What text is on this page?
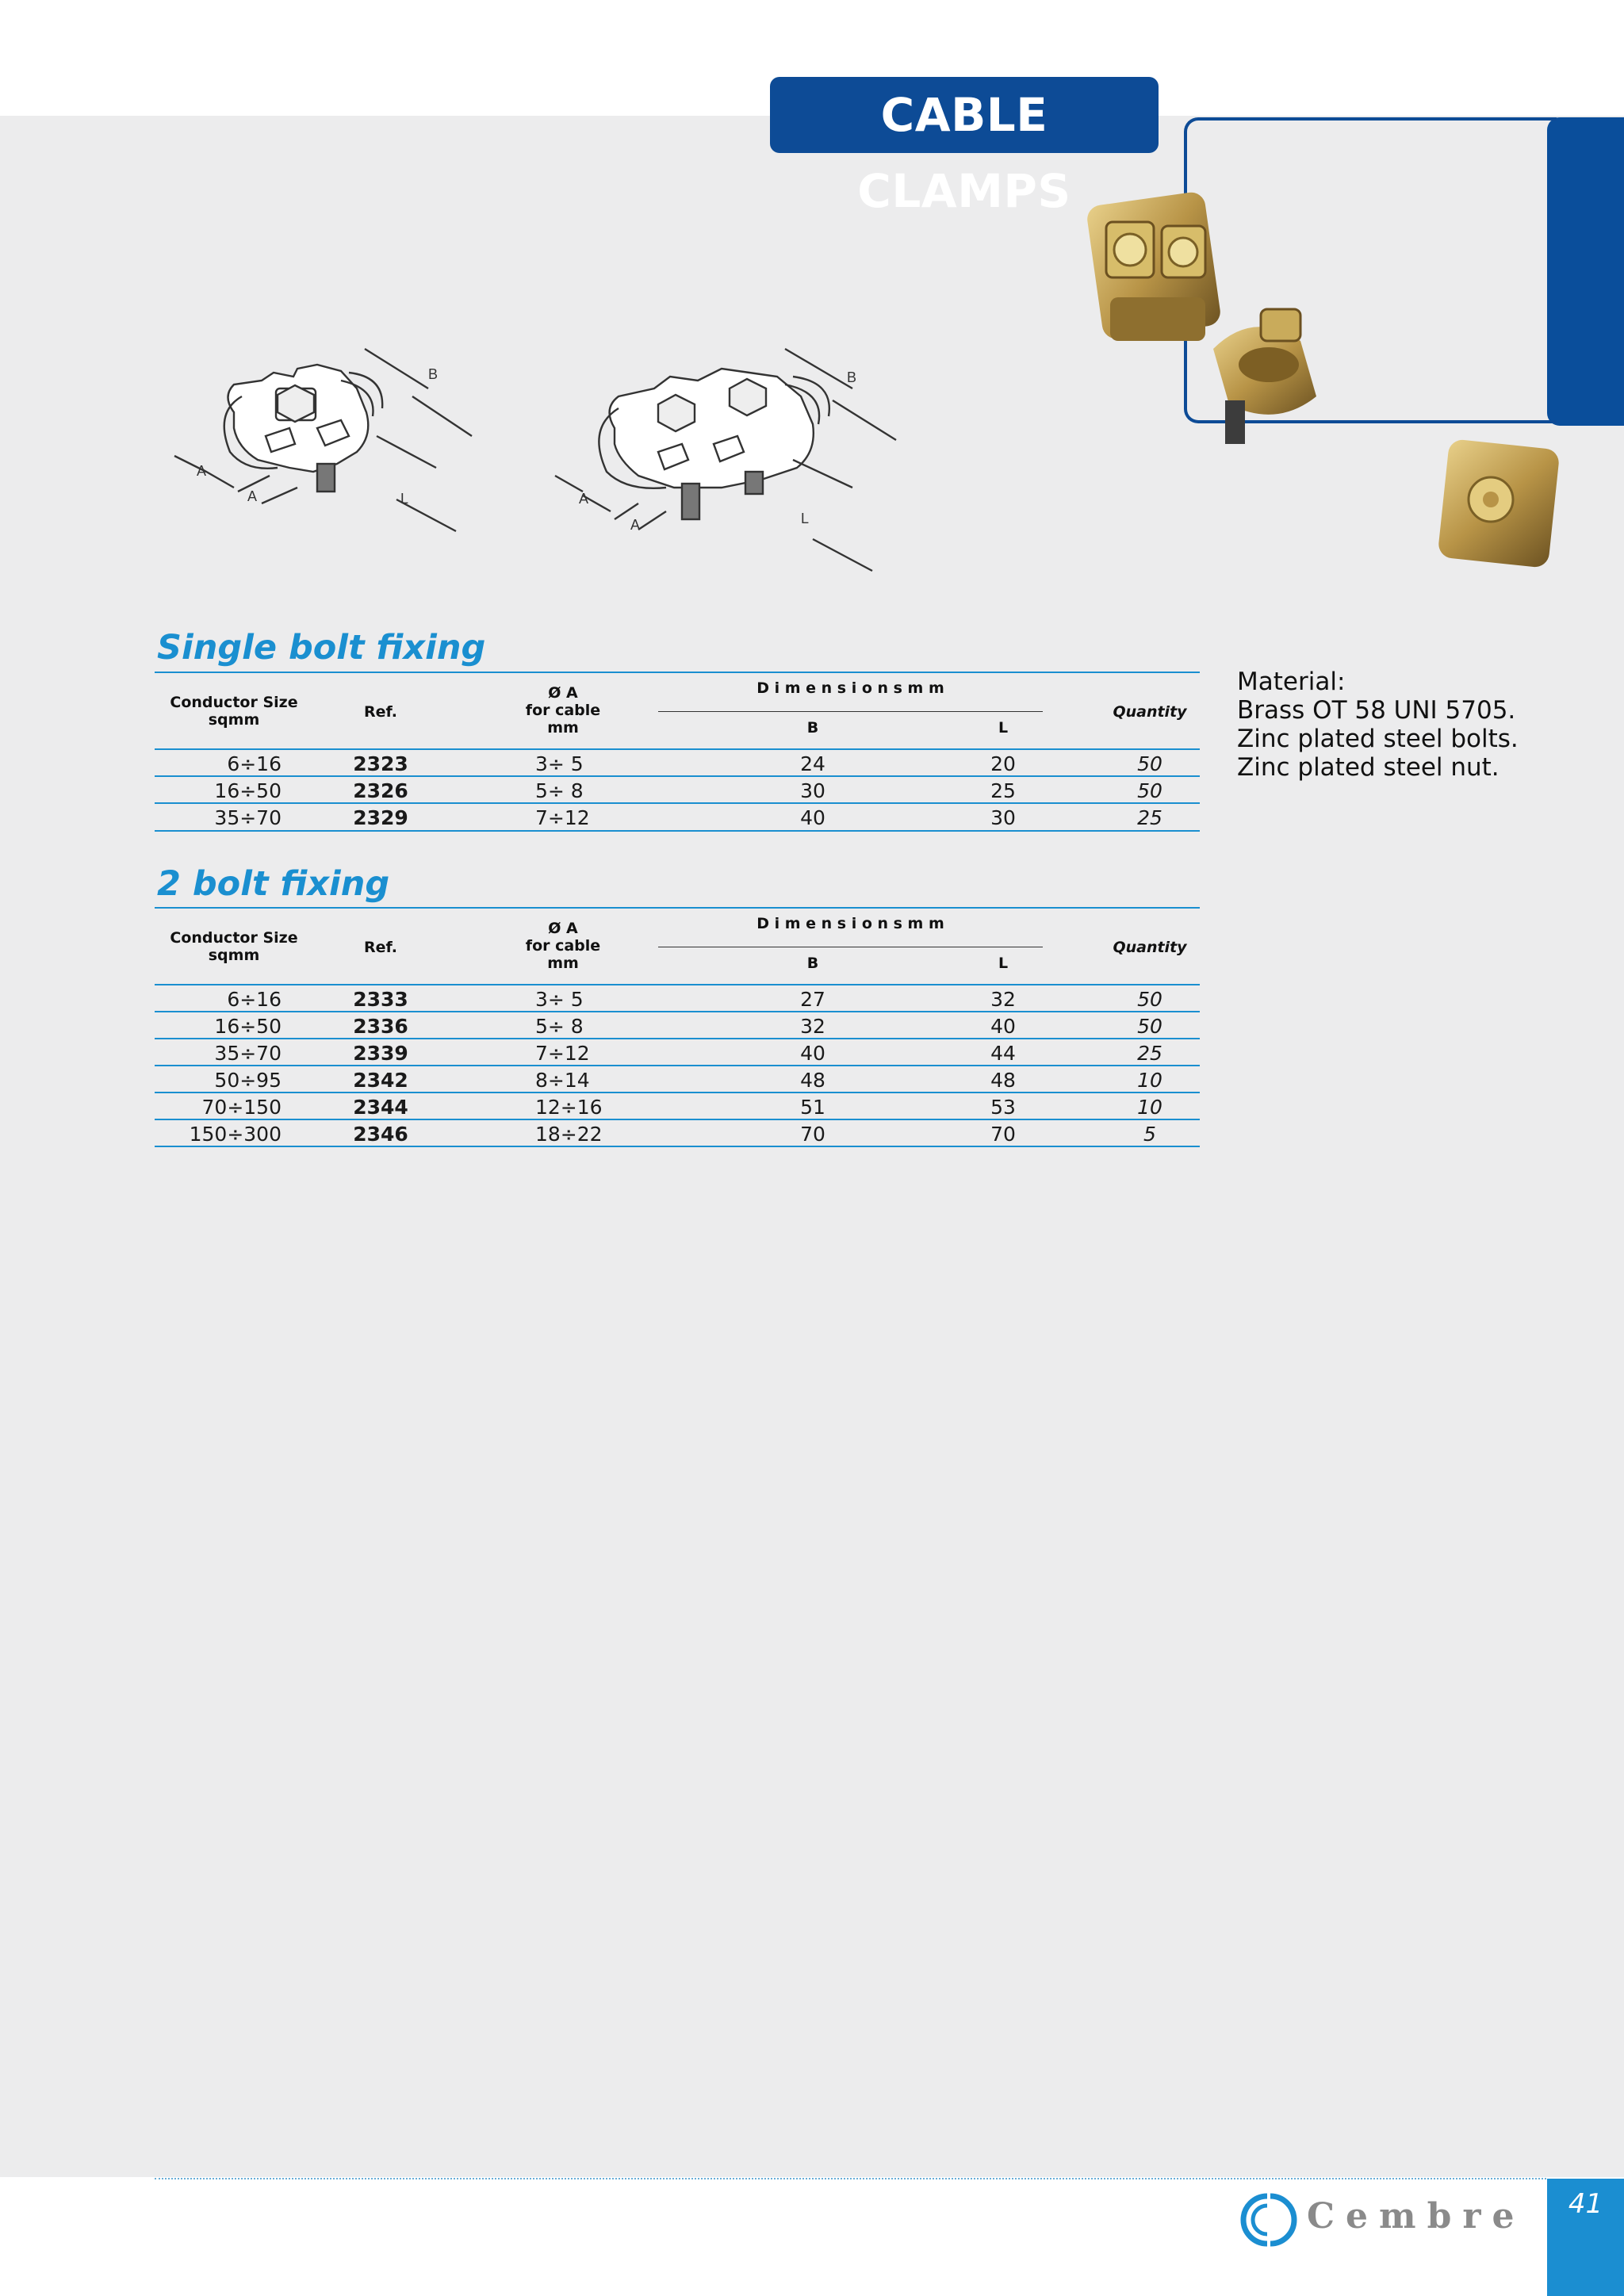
CABLE CLAMPS
B
A
A	L
B
A
A	L
Single bolt fixing
Conductor Size
sqmm	Ref.
Ø A
for cable
mm
D i m e n s i o n s m m
B	L
Quantity
6÷16	2323	3÷ 5	24	20	50
16÷50	2326	5÷ 8	30	25	50
35÷70	2329	7÷12	40	30	25
2 bolt fixing
Conductor Size
sqmm	Ref.
Ø A
for cable
mm
D i m e n s i o n s m m
B	L
Quantity
6÷16	2333	3÷ 5	27	32	50
16÷50	2336	5÷ 8	32	40	50
35÷70	2339	7÷12	40	44	25
50÷95	2342	8÷14	48	48	10
70÷150	2344	12÷16	51	53	10
150÷300	2346	18÷22	70	70	5
Material:
Brass OT 58 UNI 5705.
Zinc plated steel bolts.
Zinc plated steel nut.
Cembre	41
